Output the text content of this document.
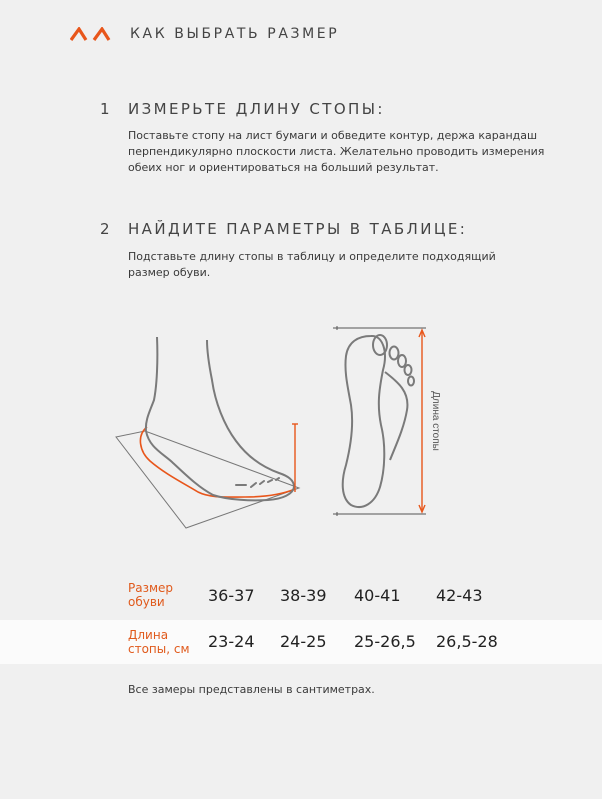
КАК ВЫБРАТЬ РАЗМЕР
1 ИЗМЕРЬТЕ ДЛИНУ СТОПЫ:
Поставьте стопу на лист бумаги и обведите контур, держа карандаш
перпендикулярно плоскости листа. Желательно проводить измерения
обеих ног и ориентироваться на больший результат.
2 НАЙДИТЕ ПАРАМЕТРЫ В ТАБЛИЦЕ:
Подставьте длину стопы в таблицу и определите подходящий
размер обуви.
Длина стопы
Размер
обуви	36-37 38-39 40-41 42-43
Длина
стопы, см	23-24 24-25 25-26,5 26,5-28
Все замеры представлены в сантиметрах.
